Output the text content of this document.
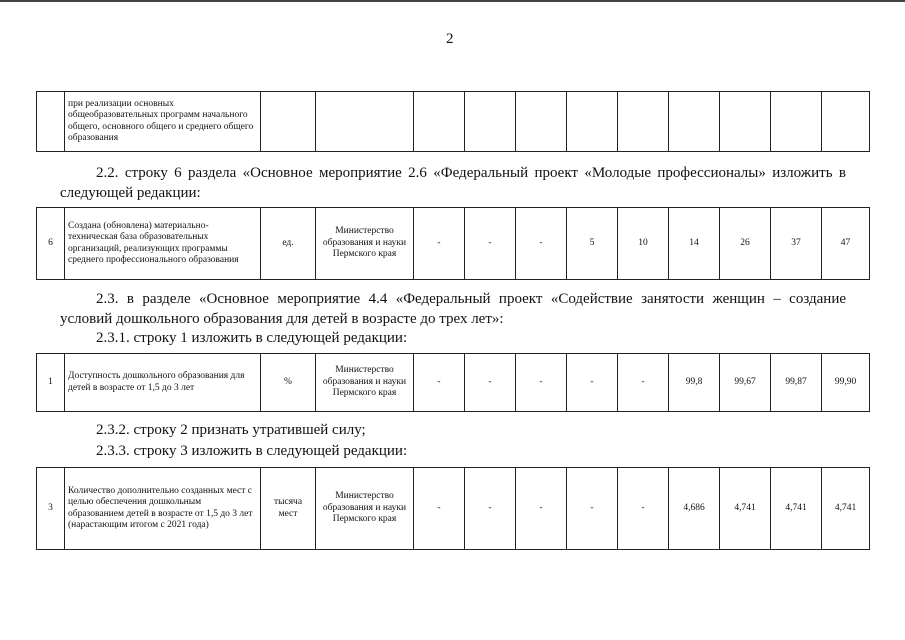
2
	при реализации основных общеобразовательных программ начального общего, основного общего и среднего общего образования											
2.2. строку 6 раздела «Основное мероприятие 2.6 «Федеральный проект «Молодые профессионалы» изложить в следующей редакции:
6	Создана (обновлена) материально-техническая база образовательных организаций, реализующих программы среднего профессионального образования	ед.	Министерство образования и науки Пермского края	-	-	-	5	10	14	26	37	47
2.3. в разделе «Основное мероприятие 4.4 «Федеральный проект «Содействие занятости женщин – создание условий дошкольного образования для детей в возрасте до трех лет»:
2.3.1. строку 1 изложить в следующей редакции:
1	Доступность дошкольного образования для детей в возрасте от 1,5 до 3 лет	%	Министерство образования и науки Пермского края	-	-	-	-	-	99,8	99,67	99,87	99,90
2.3.2. строку 2 признать утратившей силу;
2.3.3. строку 3 изложить в следующей редакции:
3	Количество дополнительно созданных мест с целью обеспечения дошкольным образованием детей в возрасте от 1,5 до 3 лет (нарастающим итогом с 2021 года)	тысяча мест	Министерство образования и науки Пермского края	-	-	-	-	-	4,686	4,741	4,741	4,741
